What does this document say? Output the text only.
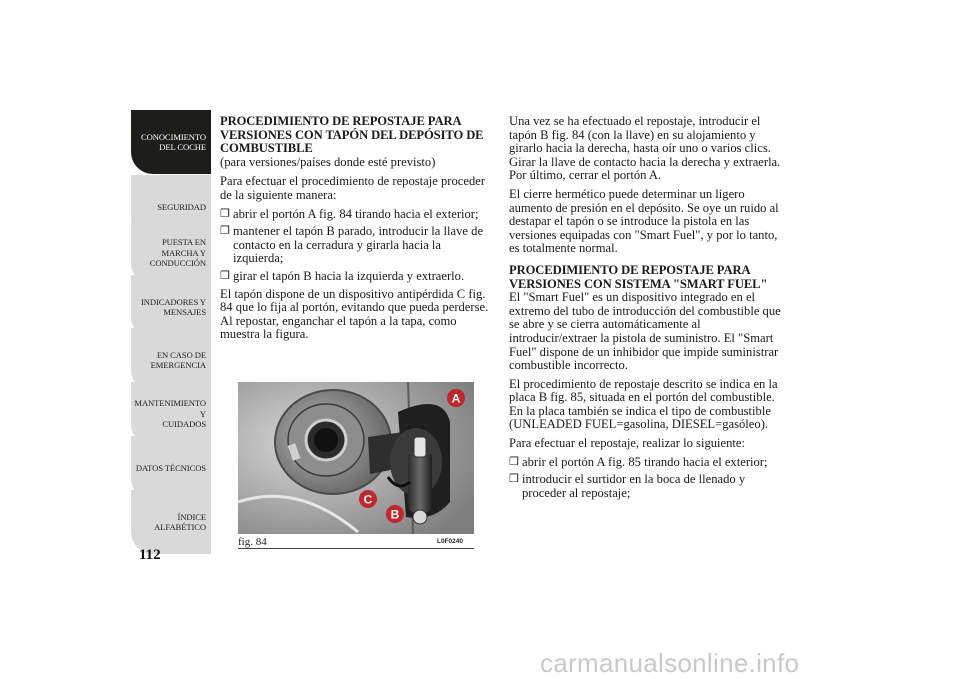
CONOCIMIENTO
DEL COCHE
SEGURIDAD
PUESTA EN
MARCHA Y
CONDUCCIÓN
INDICADORES Y
MENSAJES
EN CASO DE
EMERGENCIA
MANTENIMIENTO Y
CUIDADOS
DATOS TÉCNICOS
ÍNDICE
ALFABÉTICO
112

PROCEDIMIENTO DE REPOSTAJE PARA VERSIONES CON TAPÓN DEL DEPÓSITO DE COMBUSTIBLE

(para versiones/países donde esté previsto)

Para efectuar el procedimiento de repostaje proceder de la siguiente manera:

❒ abrir el portón A fig. 84 tirando hacia el exterior;
❒ mantener el tapón B parado, introducir la llave de contacto en la cerradura y girarla hacia la izquierda;
❒ girar el tapón B hacia la izquierda y extraerlo.

El tapón dispone de un dispositivo antipérdida C fig. 84 que lo fija al portón, evitando que pueda perderse. Al repostar, enganchar el tapón a la tapa, como muestra la figura.

Una vez se ha efectuado el repostaje, introducir el tapón B fig. 84 (con la llave) en su alojamiento y girarlo hacia la derecha, hasta oír uno o varios clics. Girar la llave de contacto hacia la derecha y extraerla. Por último, cerrar el portón A.

El cierre hermético puede determinar un ligero aumento de presión en el depósito. Se oye un ruido al destapar el tapón o se introduce la pistola en las versiones equipadas con "Smart Fuel", y por lo tanto, es totalmente normal.

PROCEDIMIENTO DE REPOSTAJE PARA VERSIONES CON SISTEMA "SMART FUEL"

El "Smart Fuel" es un dispositivo integrado en el extremo del tubo de introducción del combustible que se abre y se cierra automáticamente al introducir/extraer la pistola de suministro. El "Smart Fuel" dispone de un inhibidor que impide suministrar combustible incorrecto.

El procedimiento de repostaje descrito se indica en la placa B fig. 85, situada en el portón del combustible. En la placa también se indica el tipo de combustible (UNLEADED FUEL=gasolina, DIESEL=gasóleo).

Para efectuar el repostaje, realizar lo siguiente:

❒ abrir el portón A fig. 85 tirando hacia el exterior;
❒ introducir el surtidor en la boca de llenado y proceder al repostaje;
A
C
B
fig. 84	L0F0240
carmanualsonline.info
